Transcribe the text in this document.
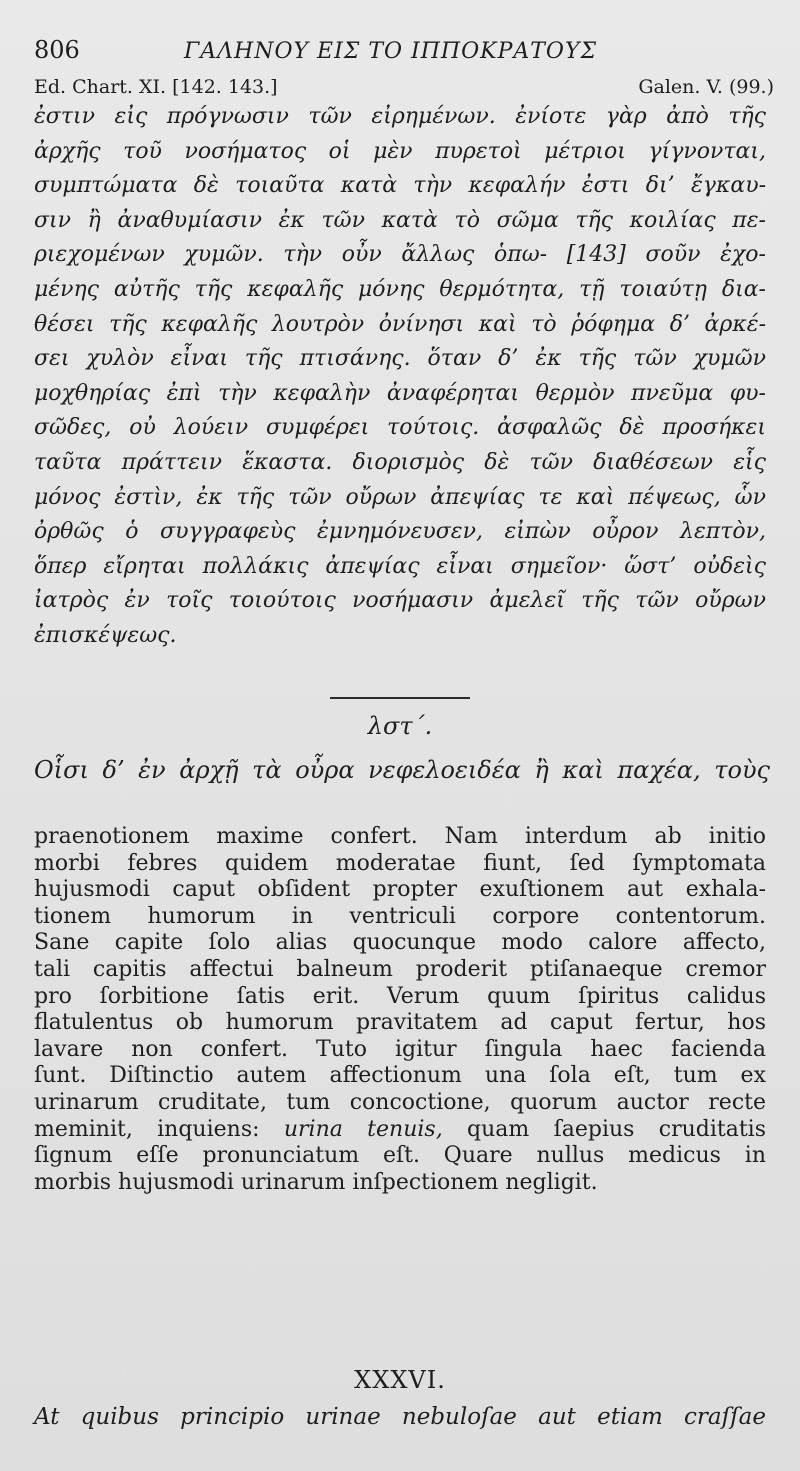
806	ΓΑΛΗΝΟΥ ΕΙΣ ΤΟ ΙΠΠΟΚΡΑΤΟΥΣ
Ed. Chart. XI. [142. 143.]	Galen. V. (99.)
ἐστιν εἰς πρόγνωσιν τῶν εἰρημένων. ἐνίοτε γὰρ ἀπὸ τῆς
ἀρχῆς τοῦ νοσήματος οἱ μὲν πυρετοὶ μέτριοι γίγνονται,
συμπτώματα δὲ τοιαῦτα κατὰ τὴν κεφαλήν ἐστι δι’ ἔγκαυ-
σιν ἢ ἀναθυμίασιν ἐκ τῶν κατὰ τὸ σῶμα τῆς κοιλίας πε-
ριεχομένων χυμῶν. τὴν οὖν ἄλλως ὁπω- [143] σοῦν ἐχο-
μένης αὐτῆς τῆς κεφαλῆς μόνης θερμότητα, τῇ τοιαύτῃ δια-
θέσει τῆς κεφαλῆς λουτρὸν ὀνίνησι καὶ τὸ ῥόφημα δ’ ἀρκέ-
σει χυλὸν εἶναι τῆς πτισάνης. ὅταν δ’ ἐκ τῆς τῶν χυμῶν
μοχθηρίας ἐπὶ τὴν κεφαλὴν ἀναφέρηται θερμὸν πνεῦμα φυ-
σῶδες, οὐ λούειν συμφέρει τούτοις. ἀσφαλῶς δὲ προσήκει
ταῦτα πράττειν ἕκαστα. διορισμὸς δὲ τῶν διαθέσεων εἷς
μόνος ἐστὶν, ἐκ τῆς τῶν οὔρων ἀπεψίας τε καὶ πέψεως, ὧν
ὀρθῶς ὁ συγγραφεὺς ἐμνημόνευσεν, εἰπὼν οὖρον λεπτὸν,
ὅπερ εἴρηται πολλάκις ἀπεψίας εἶναι σημεῖον· ὥστ’ οὐδεὶς
ἰατρὸς ἐν τοῖς τοιούτοις νοσήμασιν ἀμελεῖ τῆς τῶν οὔρων
ἐπισκέψεως.
λστ΄.
Οἷσι δ’ ἐν ἀρχῇ τὰ οὖρα νεφελοειδέα ἢ καὶ παχέα, τοὺς
praenotionem maxime confert. Nam interdum ab initio
morbi febres quidem moderatae fiunt, ſed ſymptomata
hujusmodi caput obſident propter exuſtionem aut exhala-
tionem humorum in ventriculi corpore contentorum.
Sane capite ſolo alias quocunque modo calore affecto,
tali capitis affectui balneum proderit ptiſanaeque cremor
pro ſorbitione ſatis erit. Verum quum ſpiritus calidus
flatulentus ob humorum pravitatem ad caput fertur, hos
lavare non confert. Tuto igitur ſingula haec facienda
ſunt. Diſtinctio autem affectionum una ſola eſt, tum ex
urinarum cruditate, tum concoctione, quorum auctor recte
meminit, inquiens: urina tenuis, quam ſaepius cruditatis
ſignum eſſe pronunciatum eſt. Quare nullus medicus in
morbis hujusmodi urinarum inſpectionem negligit.
XXXVI.
At quibus principio urinae nebuloſae aut etiam craſſae
